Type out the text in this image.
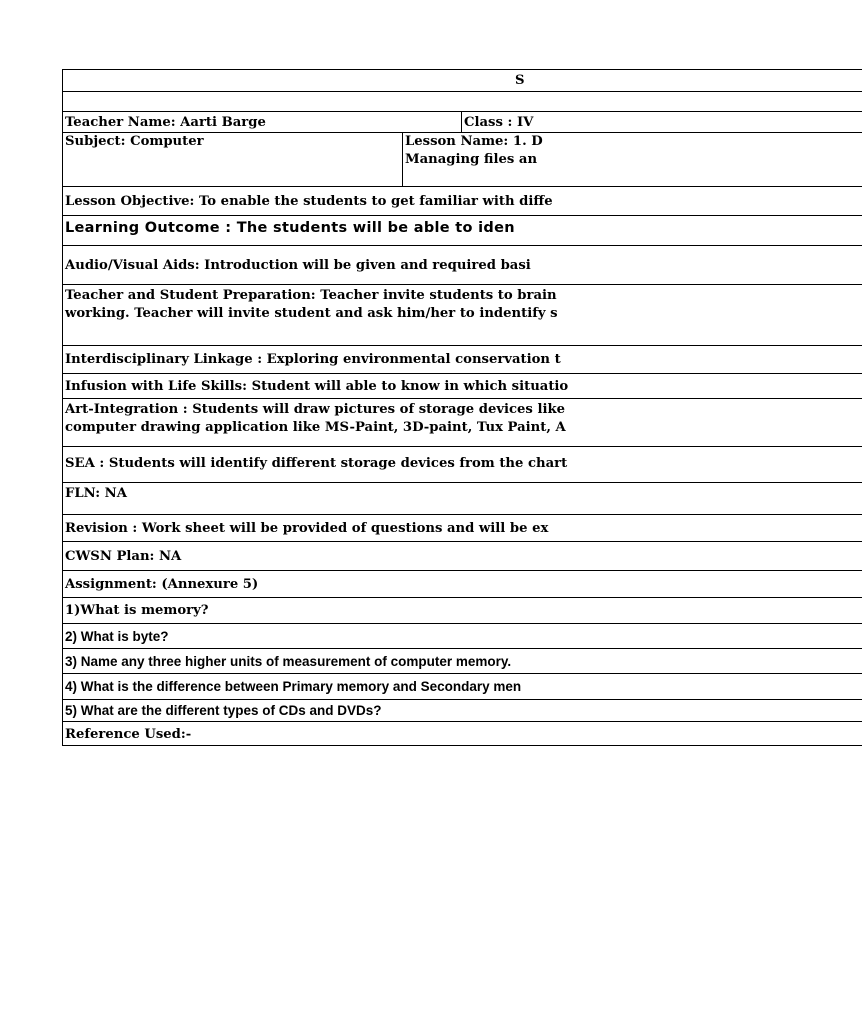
S
Teacher Name: Aarti Barge	Class : IV
Subject: Computer	Lesson Name: 1. D
Managing files an
Lesson Objective: To enable the students to get familiar with diffe
Learning Outcome : The students will be able to iden
Audio/Visual Aids: Introduction will be given and required basi
Teacher and Student Preparation: Teacher invite students to brain
working. Teacher will invite student and ask him/her to indentify s
Interdisciplinary Linkage : Exploring environmental conservation t
Infusion with Life Skills: Student will able to know in which situatio
Art-Integration : Students will draw pictures of storage devices like
computer drawing application like MS-Paint, 3D-paint, Tux Paint, A
SEA : Students will identify different storage devices from the chart
FLN: NA
Revision : Work sheet will be provided of questions and will be ex
CWSN Plan: NA
Assignment: (Annexure 5)
1)What is memory?
2) What is byte?
3) Name any three higher units of measurement of computer memory.
4) What is the difference between Primary memory and Secondary men
5) What are the different types of CDs and DVDs?
Reference Used:-
